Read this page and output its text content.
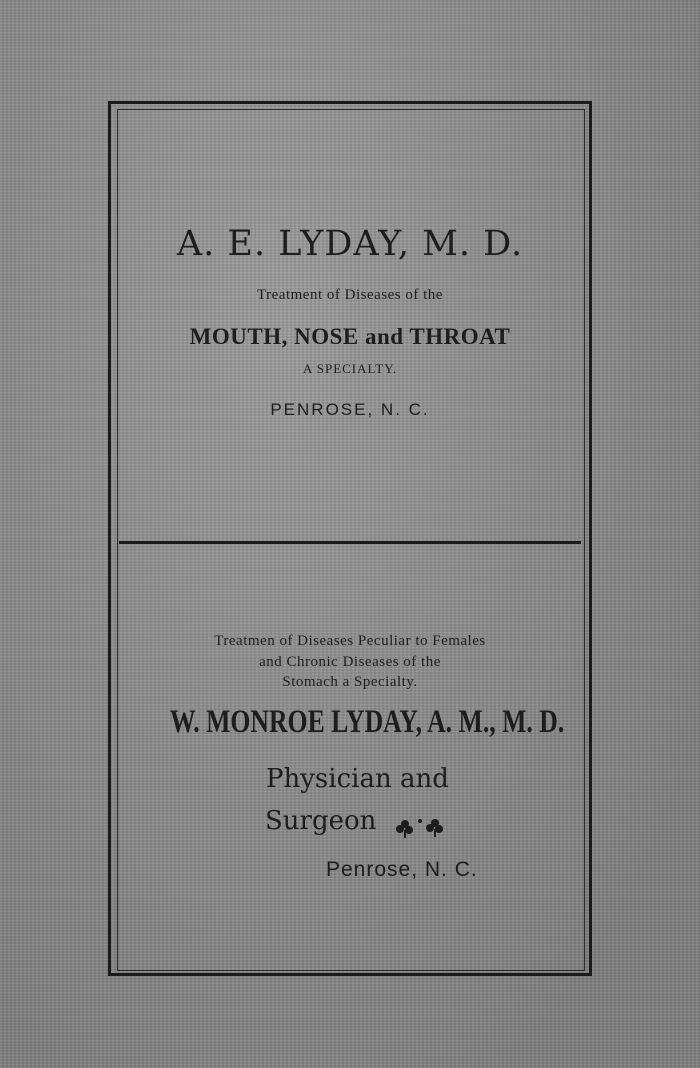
A. E. LYDAY, M. D.
Treatment of Diseases of the
MOUTH, NOSE and THROAT
A SPECIALTY.
PENROSE, N. C.
Treatmen of Diseases Peculiar to Females
and Chronic Diseases of the
Stomach a Specialty.
W. MONROE LYDAY, A. M., M. D.
Physician and
Surgeon
Penrose, N. C.
